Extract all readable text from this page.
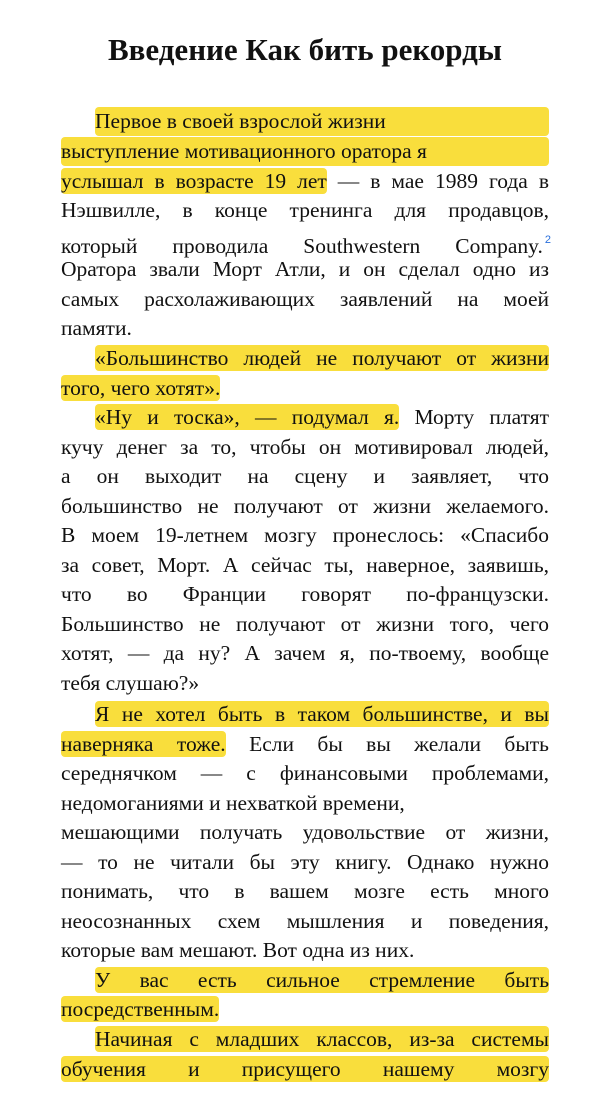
Введение Как бить рекорды
Первое в своей взрослой жизни
выступление мотивационного оратора я
услышал в возрасте 19 лет — в мае 1989 года в
Нэшвилле, в конце тренинга для продавцов,
который проводила Southwestern Company. $^2$
Оратора звали Морт Атли, и он сделал одно из
самых расхолаживающих заявлений на моей
памяти.
«Большинство людей не получают от жизни
того, чего хотят».
«Ну и тоска», — подумал я. Морту платят
кучу денег за то, чтобы он мотивировал людей,
а он выходит на сцену и заявляет, что
большинство не получают от жизни желаемого.
В моем 19-летнем мозгу пронеслось: «Спасибо
за совет, Морт. А сейчас ты, наверное, заявишь,
что во Франции говорят по-французски.
Большинство не получают от жизни того, чего
хотят, — да ну? А зачем я, по-твоему, вообще
тебя слушаю?»
Я не хотел быть в таком большинстве, и вы
наверняка тоже. Если бы вы желали быть
середнячком — с финансовыми проблемами,
недомоганиями и нехваткой времени,
мешающими получать удовольствие от жизни,
— то не читали бы эту книгу. Однако нужно
понимать, что в вашем мозге есть много
неосознанных схем мышления и поведения,
которые вам мешают. Вот одна из них.
У вас есть сильное стремление быть
посредственным.
Начиная с младших классов, из-за системы
обучения и присущего нашему мозгу
